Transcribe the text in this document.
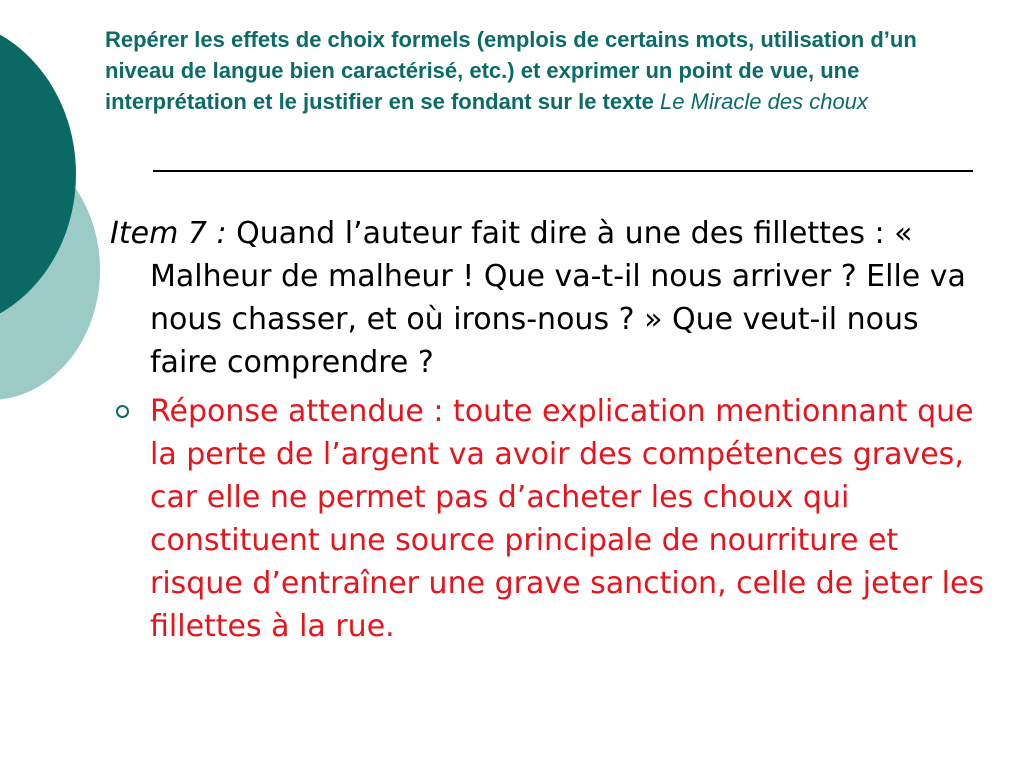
Repérer les effets de choix formels (emplois de certains mots, utilisation d’un niveau de langue bien caractérisé, etc.) et exprimer un point de vue, une interprétation et le justifier en se fondant sur le texte Le Miracle des choux

Item 7 : Quand l’auteur fait dire à une des fillettes : « Malheur de malheur ! Que va-t-il nous arriver ? Elle va nous chasser, et où irons-nous ? » Que veut-il nous faire comprendre ?

Réponse attendue : toute explication mentionnant que la perte de l’argent va avoir des compétences graves, car elle ne permet pas d’acheter les choux qui constituent une source principale de nourriture et risque d’entraîner une grave sanction, celle de jeter les fillettes à la rue.
